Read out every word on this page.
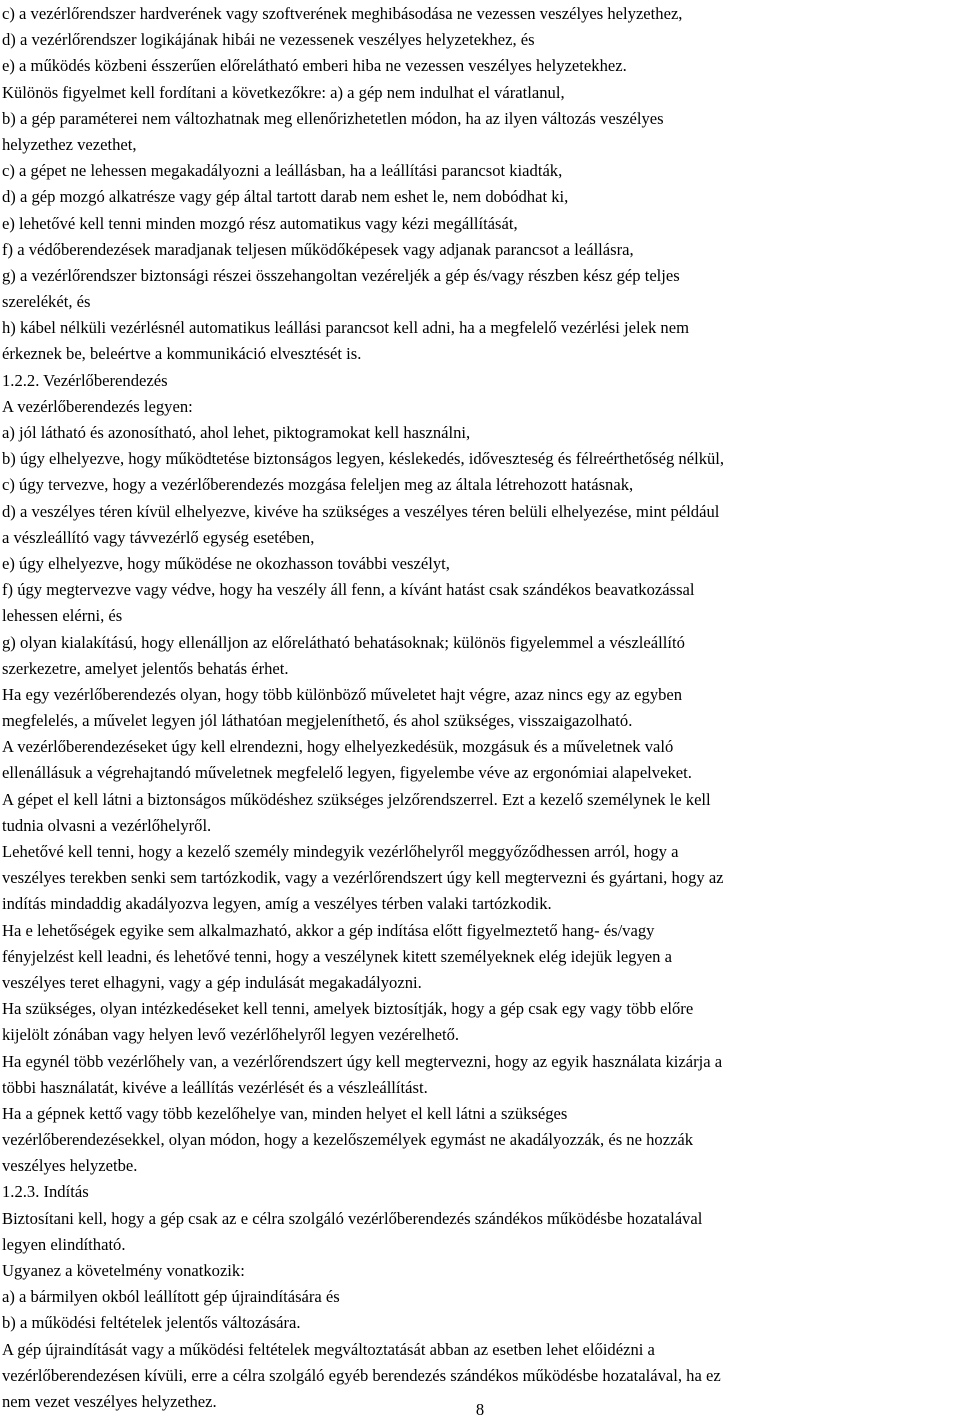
c) a vezérlőrendszer hardverének vagy szoftverének meghibásodása ne vezessen veszélyes helyzethez,

d) a vezérlőrendszer logikájának hibái ne vezessenek veszélyes helyzetekhez, és

e) a működés közbeni ésszerűen előrelátható emberi hiba ne vezessen veszélyes helyzetekhez.

Különös figyelmet kell fordítani a következőkre: a) a gép nem indulhat el váratlanul,

b) a gép paraméterei nem változhatnak meg ellenőrizhetetlen módon, ha az ilyen változás veszélyes

helyzethez vezethet,

c) a gépet ne lehessen megakadályozni a leállásban, ha a leállítási parancsot kiadták,

d) a gép mozgó alkatrésze vagy gép által tartott darab nem eshet le, nem dobódhat ki,

e) lehetővé kell tenni minden mozgó rész automatikus vagy kézi megállítását,

f) a védőberendezések maradjanak teljesen működőképesek vagy adjanak parancsot a leállásra,

g) a vezérlőrendszer biztonsági részei összehangoltan vezéreljék a gép és/vagy részben kész gép teljes

szerelékét, és

h) kábel nélküli vezérlésnél automatikus leállási parancsot kell adni, ha a megfelelő vezérlési jelek nem

érkeznek be, beleértve a kommunikáció elvesztését is.

1.2.2. Vezérlőberendezés

A vezérlőberendezés legyen:

a) jól látható és azonosítható, ahol lehet, piktogramokat kell használni,

b) úgy elhelyezve, hogy működtetése biztonságos legyen, késlekedés, időveszteség és félreérthetőség nélkül,

c) úgy tervezve, hogy a vezérlőberendezés mozgása feleljen meg az általa létrehozott hatásnak,

d) a veszélyes téren kívül elhelyezve, kivéve ha szükséges a veszélyes téren belüli elhelyezése, mint például

a vészleállító vagy távvezérlő egység esetében,

e) úgy elhelyezve, hogy működése ne okozhasson további veszélyt,

f) úgy megtervezve vagy védve, hogy ha veszély áll fenn, a kívánt hatást csak szándékos beavatkozással

lehessen elérni, és

g) olyan kialakítású, hogy ellenálljon az előrelátható behatásoknak; különös figyelemmel a vészleállító

szerkezetre, amelyet jelentős behatás érhet.

Ha egy vezérlőberendezés olyan, hogy több különböző műveletet hajt végre, azaz nincs egy az egyben

megfelelés, a művelet legyen jól láthatóan megjeleníthető, és ahol szükséges, visszaigazolható.

A vezérlőberendezéseket úgy kell elrendezni, hogy elhelyezkedésük, mozgásuk és a műveletnek való

ellenállásuk a végrehajtandó műveletnek megfelelő legyen, figyelembe véve az ergonómiai alapelveket.

A gépet el kell látni a biztonságos működéshez szükséges jelzőrendszerrel. Ezt a kezelő személynek le kell

tudnia olvasni a vezérlőhelyről.

Lehetővé kell tenni, hogy a kezelő személy mindegyik vezérlőhelyről meggyőződhessen arról, hogy a

veszélyes terekben senki sem tartózkodik, vagy a vezérlőrendszert úgy kell megtervezni és gyártani, hogy az

indítás mindaddig akadályozva legyen, amíg a veszélyes térben valaki tartózkodik.

Ha e lehetőségek egyike sem alkalmazható, akkor a gép indítása előtt figyelmeztető hang- és/vagy

fényjelzést kell leadni, és lehetővé tenni, hogy a veszélynek kitett személyeknek elég idejük legyen a

veszélyes teret elhagyni, vagy a gép indulását megakadályozni.

Ha szükséges, olyan intézkedéseket kell tenni, amelyek biztosítják, hogy a gép csak egy vagy több előre

kijelölt zónában vagy helyen levő vezérlőhelyről legyen vezérelhető.

Ha egynél több vezérlőhely van, a vezérlőrendszert úgy kell megtervezni, hogy az egyik használata kizárja a

többi használatát, kivéve a leállítás vezérlését és a vészleállítást.

Ha a gépnek kettő vagy több kezelőhelye van, minden helyet el kell látni a szükséges

vezérlőberendezésekkel, olyan módon, hogy a kezelőszemélyek egymást ne akadályozzák, és ne hozzák

veszélyes helyzetbe.

1.2.3. Indítás

Biztosítani kell, hogy a gép csak az e célra szolgáló vezérlőberendezés szándékos működésbe hozatalával

legyen elindítható.

Ugyanez a követelmény vonatkozik:

a) a bármilyen okból leállított gép újraindítására és

b) a működési feltételek jelentős változására.

A gép újraindítását vagy a működési feltételek megváltoztatását abban az esetben lehet előidézni a

vezérlőberendezésen kívüli, erre a célra szolgáló egyéb berendezés szándékos működésbe hozatalával, ha ez

nem vezet veszélyes helyzethez.	8
